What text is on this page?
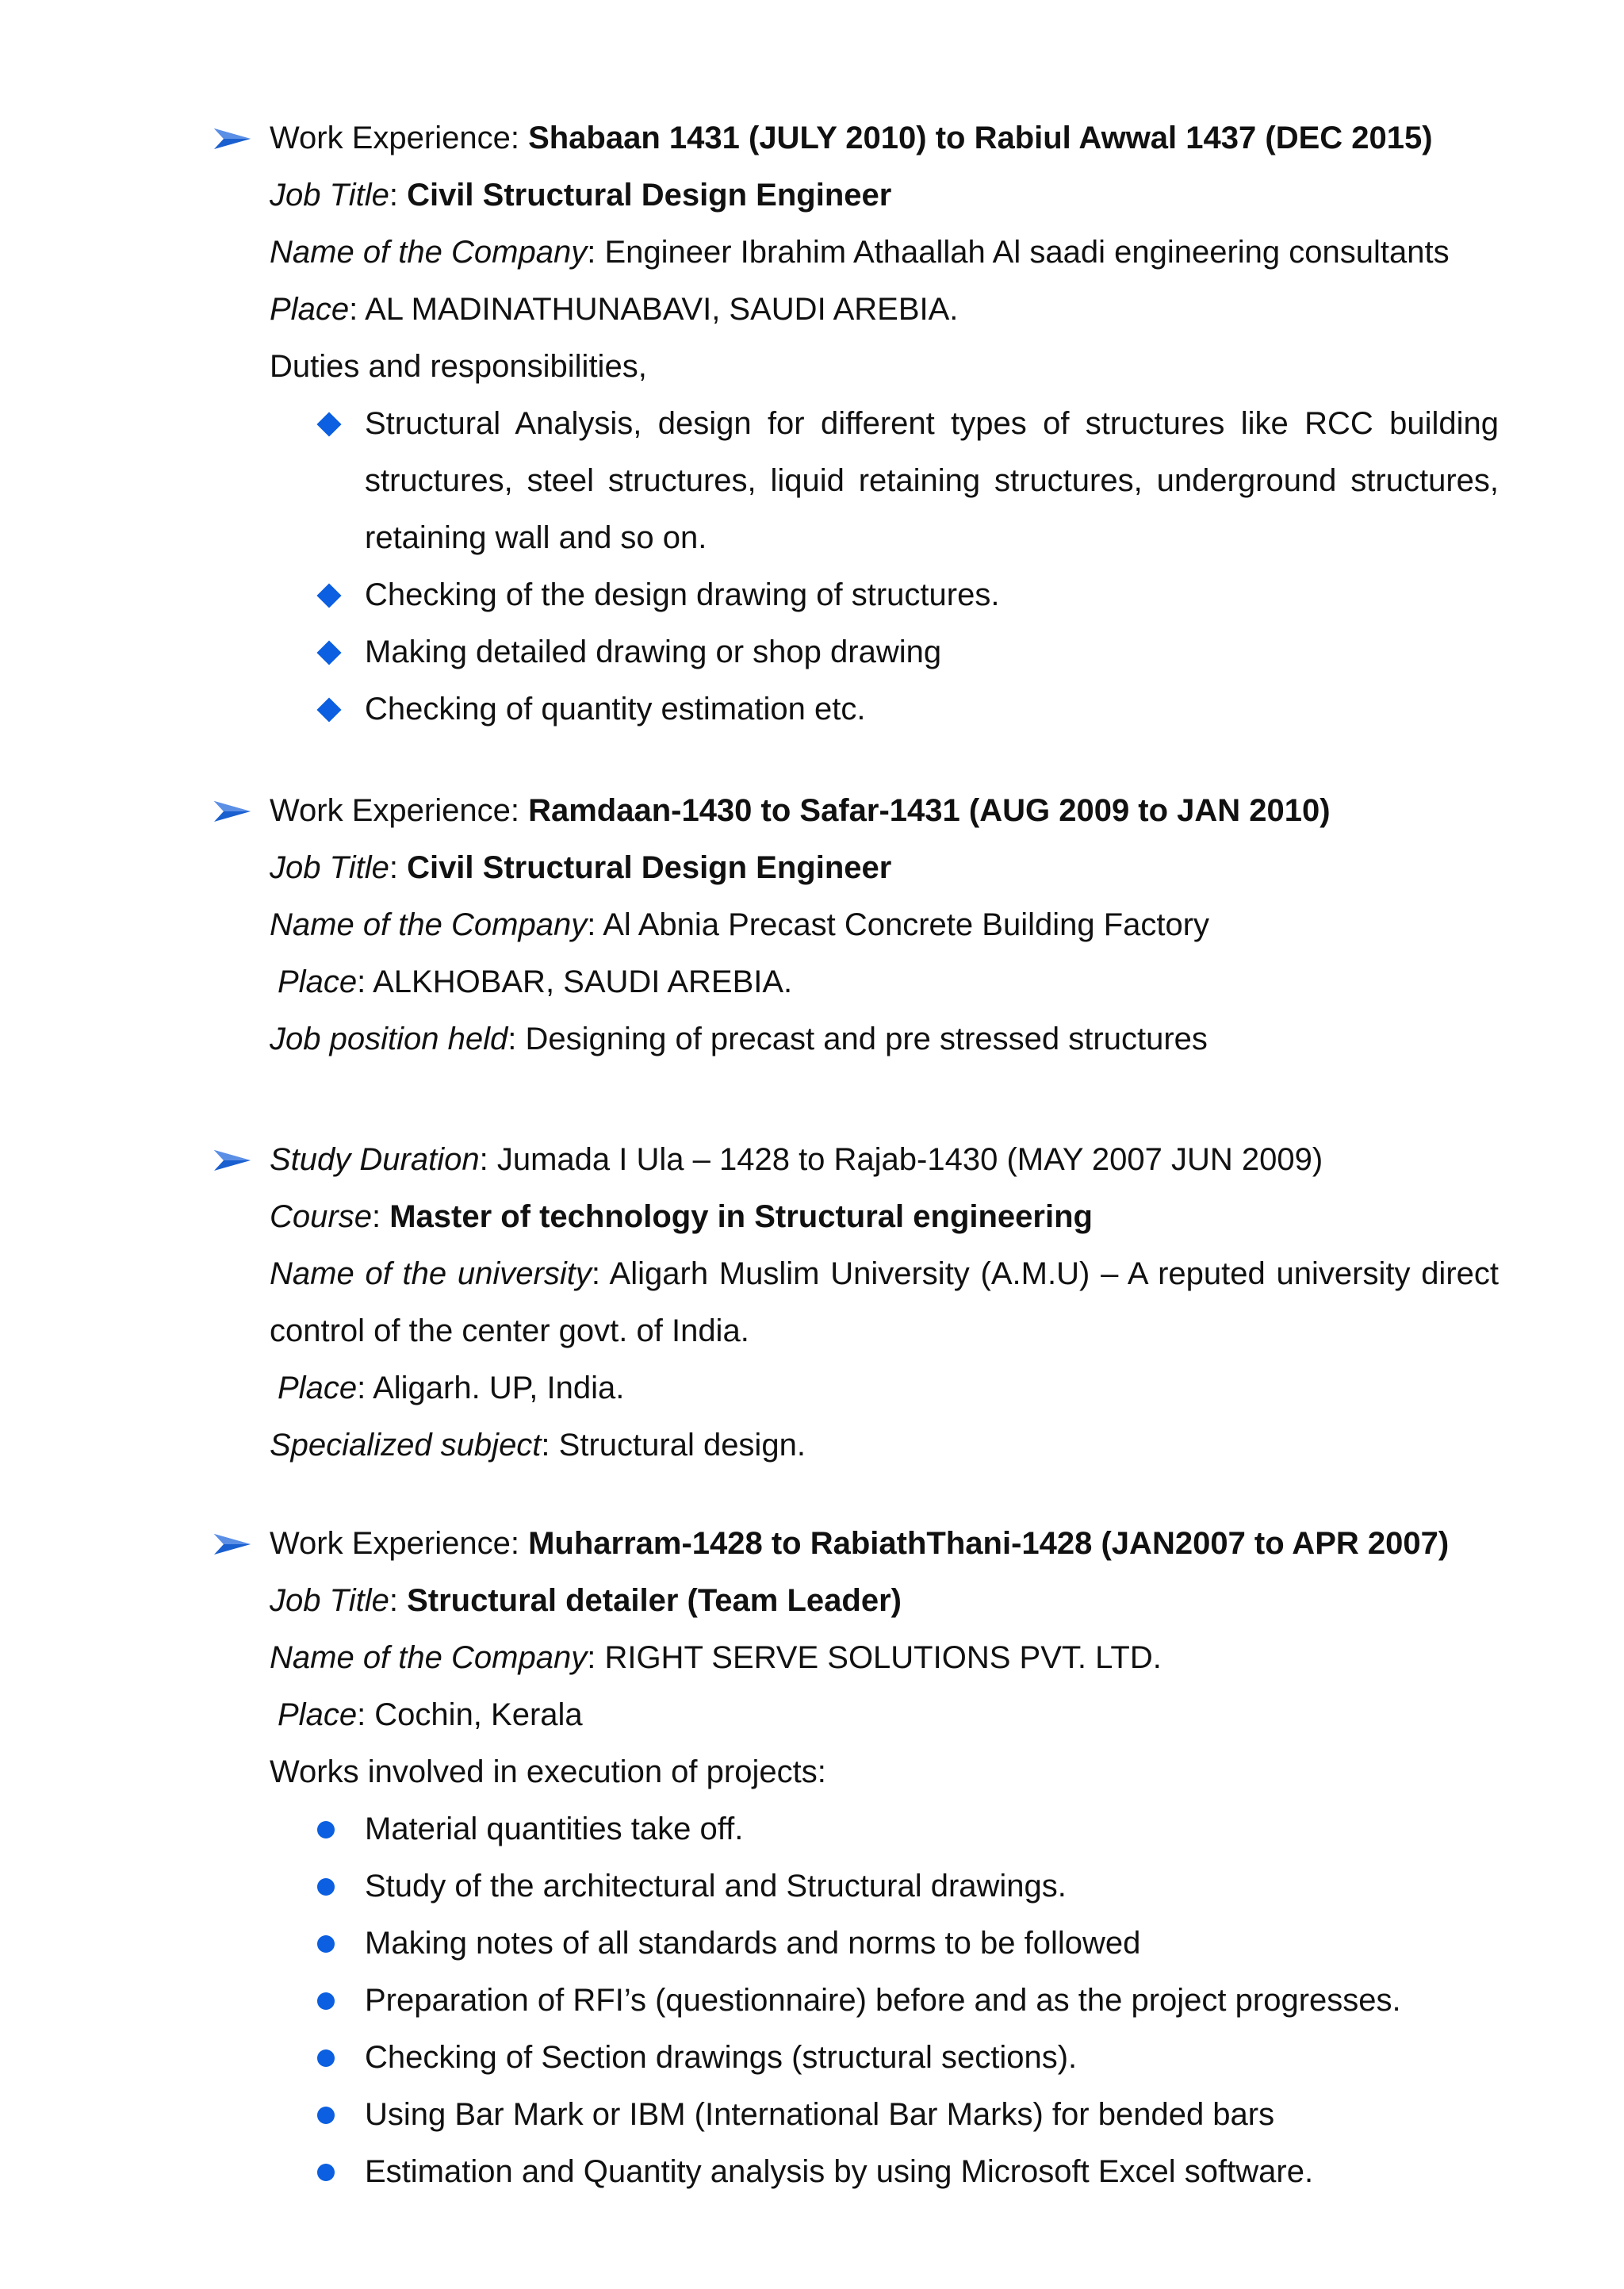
Work Experience: Shabaan 1431 (JULY 2010) to Rabiul Awwal 1437 (DEC 2015)
Job Title: Civil Structural Design Engineer
Name of the Company: Engineer Ibrahim Athaallah Al saadi engineering consultants
Place: AL MADINATHUNABAVI, SAUDI AREBIA.
Duties and responsibilities,
Structural Analysis, design for different types of structures like RCC building structures, steel structures, liquid retaining structures, underground structures, retaining wall and so on.
Checking of the design drawing of structures.
Making detailed drawing or shop drawing
Checking of quantity estimation etc.
Work Experience: Ramdaan-1430 to Safar-1431 (AUG 2009 to JAN 2010)
Job Title: Civil Structural Design Engineer
Name of the Company: Al Abnia Precast Concrete Building Factory
Place: ALKHOBAR, SAUDI AREBIA.
Job position held: Designing of precast and pre stressed structures
Study Duration: Jumada I Ula – 1428 to Rajab-1430 (MAY 2007 JUN 2009)
Course: Master of technology in Structural engineering
Name of the university: Aligarh Muslim University (A.M.U) – A reputed university direct control of the center govt. of India.
Place: Aligarh. UP, India.
Specialized subject: Structural design.
Work Experience: Muharram-1428 to RabiathThani-1428 (JAN2007 to APR 2007)
Job Title: Structural detailer (Team Leader)
Name of the Company: RIGHT SERVE SOLUTIONS PVT. LTD.
Place: Cochin, Kerala
Works involved in execution of projects:
Material quantities take off.
Study of the architectural and Structural drawings.
Making notes of all standards and norms to be followed
Preparation of RFI’s (questionnaire) before and as the project progresses.
Checking of Section drawings (structural sections).
Using Bar Mark or IBM (International Bar Marks) for bended bars
Estimation and Quantity analysis by using Microsoft Excel software.
